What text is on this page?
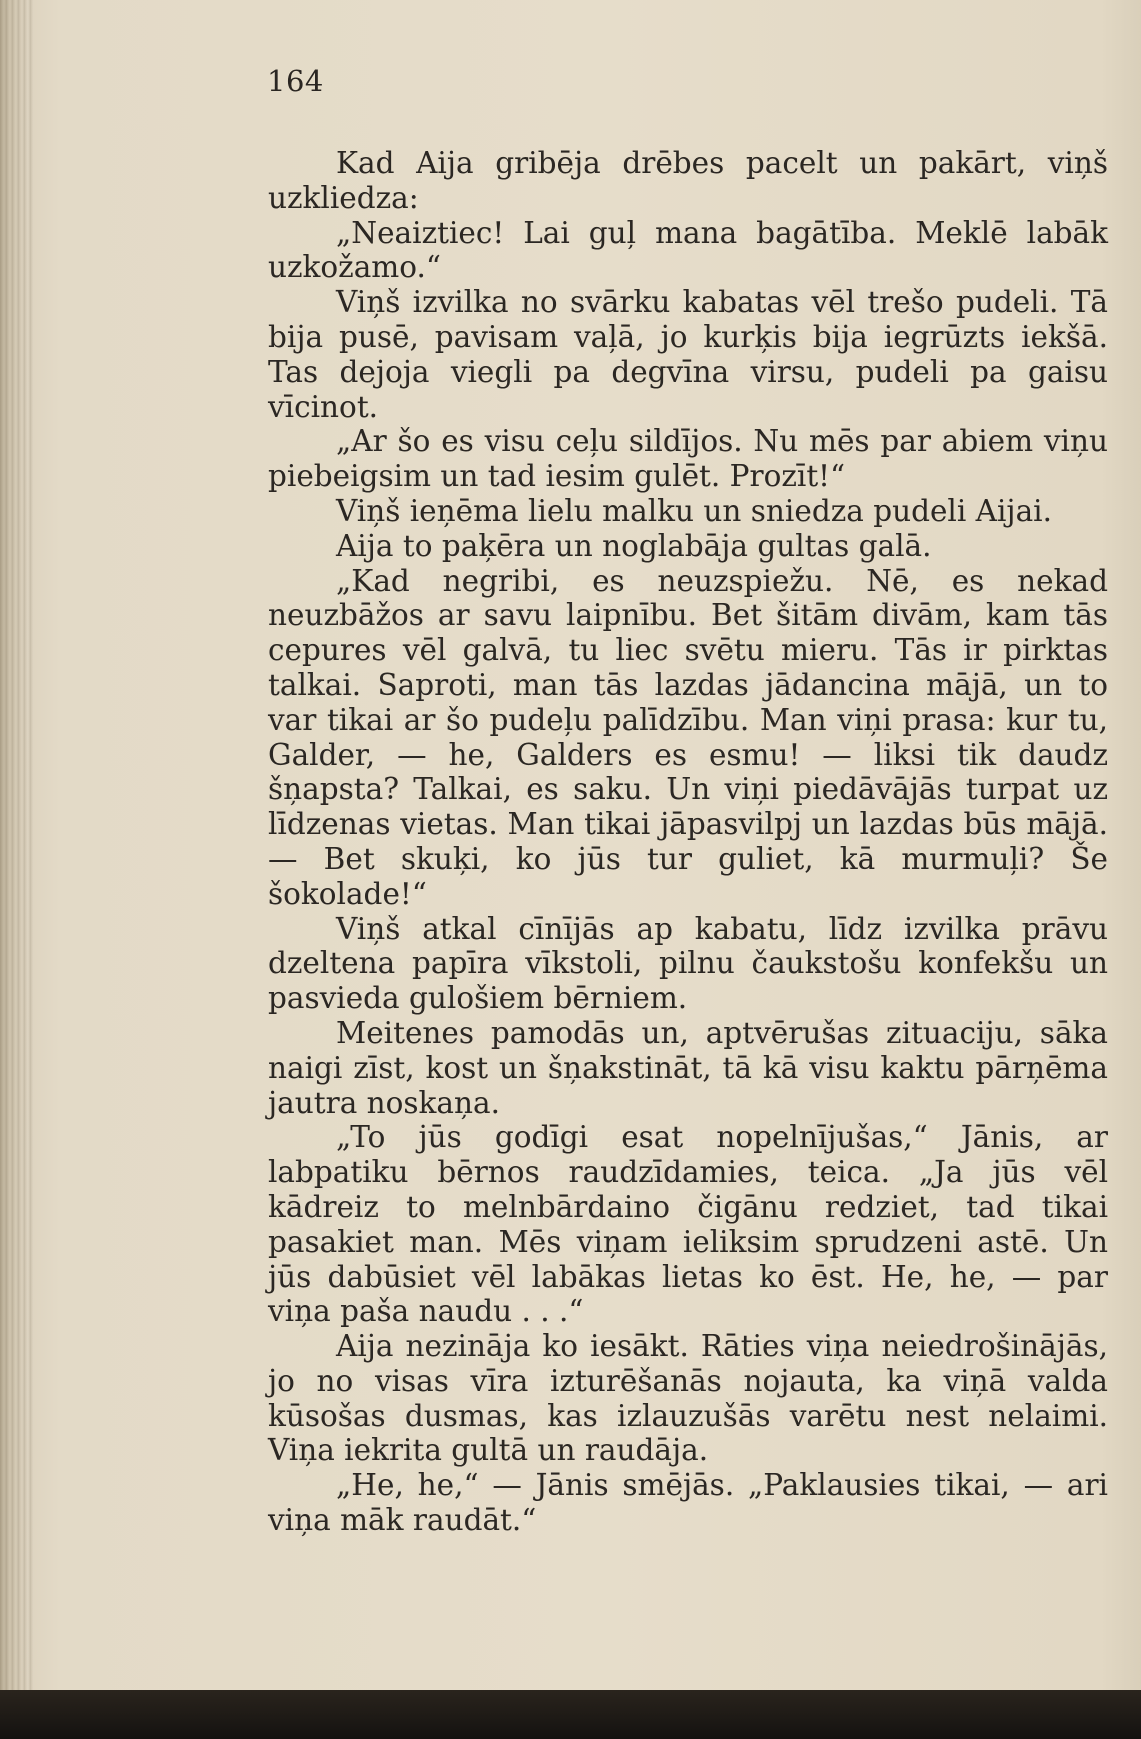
164

Kad Aija gribēja drēbes pacelt un pakārt, viņš uzkliedza:

„Neaiztiec! Lai guļ mana bagātība. Meklē labāk uzkožamo.“

Viņš izvilka no svārku kabatas vēl trešo pudeli. Tā bija pusē, pavisam vaļā, jo kurķis bija iegrūzts iekšā. Tas dejoja viegli pa degvīna virsu, pudeli pa gaisu vīcinot.

„Ar šo es visu ceļu sildījos. Nu mēs par abiem viņu piebeigsim un tad iesim gulēt. Prozīt!“

Viņš ieņēma lielu malku un sniedza pudeli Aijai.

Aija to paķēra un noglabāja gultas galā.

„Kad negribi, es neuzspiežu. Nē, es nekad neuzbāžos ar savu laipnību. Bet šitām divām, kam tās cepures vēl galvā, tu liec svētu mieru. Tās ir pirktas talkai. Saproti, man tās lazdas jādancina mājā, un to var tikai ar šo pudeļu palīdzību. Man viņi prasa: kur tu, Galder, — he, Galders es esmu! — liksi tik daudz šņapsta? Talkai, es saku. Un viņi piedāvājās turpat uz līdzenas vietas. Man tikai jāpasvilpj un lazdas būs mājā. — Bet skuķi, ko jūs tur guliet, kā murmuļi? Še šokolade!“

Viņš atkal cīnījās ap kabatu, līdz izvilka prāvu dzeltena papīra vīkstoli, pilnu čaukstošu konfekšu un pasvieda gulošiem bērniem.

Meitenes pamodās un, aptvērušas zituaciju, sāka naigi zīst, kost un šņakstināt, tā kā visu kaktu pārņēma jautra noskaņa.

„To jūs godīgi esat nopelnījušas,“ Jānis, ar labpatiku bērnos raudzīdamies, teica. „Ja jūs vēl kādreiz to melnbārdaino čigānu redziet, tad tikai pasakiet man. Mēs viņam ieliksim sprudzeni astē. Un jūs dabūsiet vēl labākas lietas ko ēst. He, he, — par viņa paša naudu . . .“

Aija nezināja ko iesākt. Rāties viņa neiedrošinājās, jo no visas vīra izturēšanās nojauta, ka viņā valda kūsošas dusmas, kas izlauzušās varētu nest nelaimi. Viņa iekrita gultā un raudāja.

„He, he,“ — Jānis smējās. „Paklausies tikai, — ari viņa māk raudāt.“
